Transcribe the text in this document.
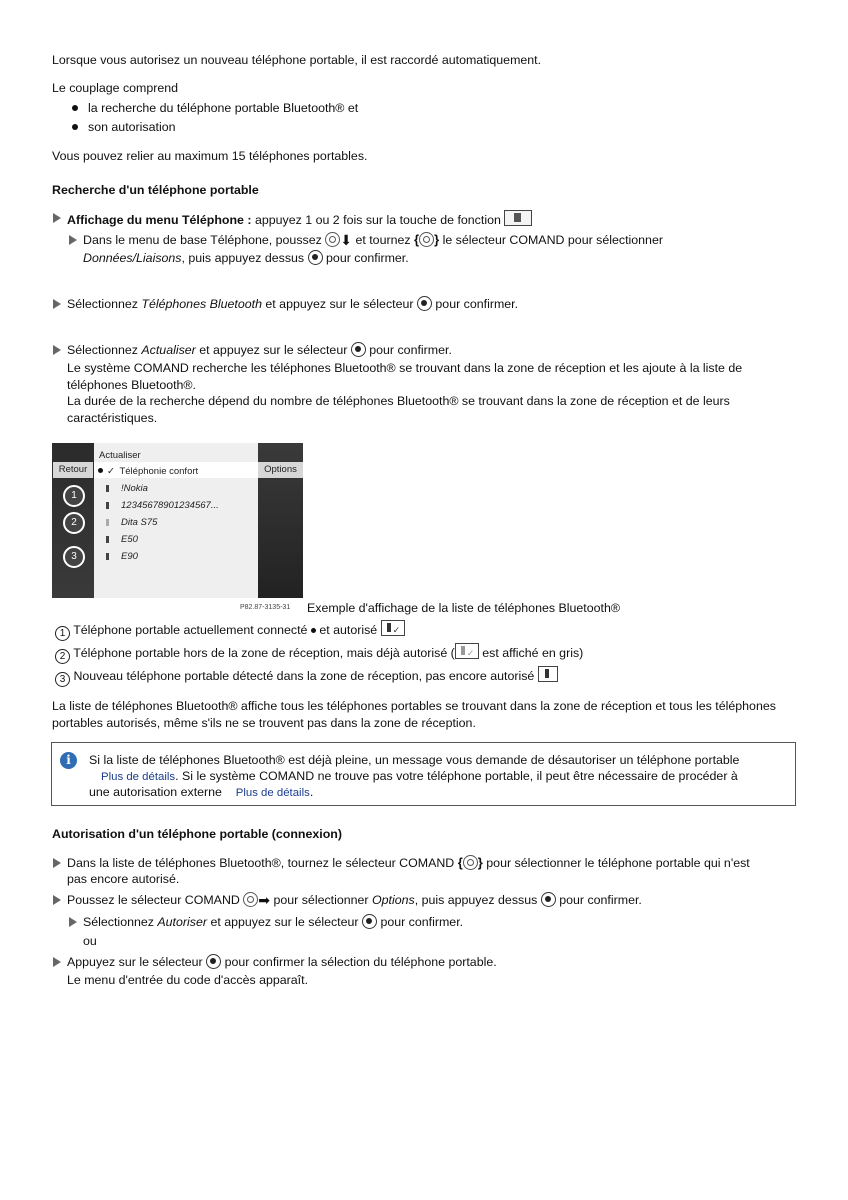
Lorsque vous autorisez un nouveau téléphone portable, il est raccordé automatiquement.
Le couplage comprend
la recherche du téléphone portable Bluetooth® et
son autorisation
Vous pouvez relier au maximum 15 téléphones portables.
Recherche d'un téléphone portable
Affichage du menu Téléphone : appuyez 1 ou 2 fois sur la touche de fonction
Dans le menu de base Téléphone, poussez ⬇ et tournez { } le sélecteur COMAND pour sélectionner
Données/Liaisons, puis appuyez dessus pour confirmer.
Sélectionnez Téléphones Bluetooth et appuyez sur le sélecteur pour confirmer.
Sélectionnez Actualiser et appuyez sur le sélecteur pour confirmer.
Le système COMAND recherche les téléphones Bluetooth® se trouvant dans la zone de réception et les ajoute à la liste de téléphones Bluetooth®.
La durée de la recherche dépend du nombre de téléphones Bluetooth® se trouvant dans la zone de réception et de leurs caractéristiques.
Actualiser
✓ Téléphonie confort
!Nokia
12345678901234567...
Dita S75
E50
E90
Retour	Options
1
2
3
P82.87-3135-31 Exemple d'affichage de la liste de téléphones Bluetooth®
1 Téléphone portable actuellement connecté et autorisé ✓
2 Téléphone portable hors de la zone de réception, mais déjà autorisé ( ✓ est affiché en gris)
3 Nouveau téléphone portable détecté dans la zone de réception, pas encore autorisé
La liste de téléphones Bluetooth® affiche tous les téléphones portables se trouvant dans la zone de réception et tous les téléphones portables autorisés, même s'ils ne se trouvent pas dans la zone de réception.
i	Si la liste de téléphones Bluetooth® est déjà pleine, un message vous demande de désautoriser un téléphone portable
Plus de détails. Si le système COMAND ne trouve pas votre téléphone portable, il peut être nécessaire de procéder à
une autorisation externe Plus de détails.
Autorisation d'un téléphone portable (connexion)
Dans la liste de téléphones Bluetooth®, tournez le sélecteur COMAND { } pour sélectionner le téléphone portable qui n'est
pas encore autorisé.
Poussez le sélecteur COMAND ➡ pour sélectionner Options, puis appuyez dessus pour confirmer.
Sélectionnez Autoriser et appuyez sur le sélecteur pour confirmer.
ou
Appuyez sur le sélecteur pour confirmer la sélection du téléphone portable.
Le menu d'entrée du code d'accès apparaît.
